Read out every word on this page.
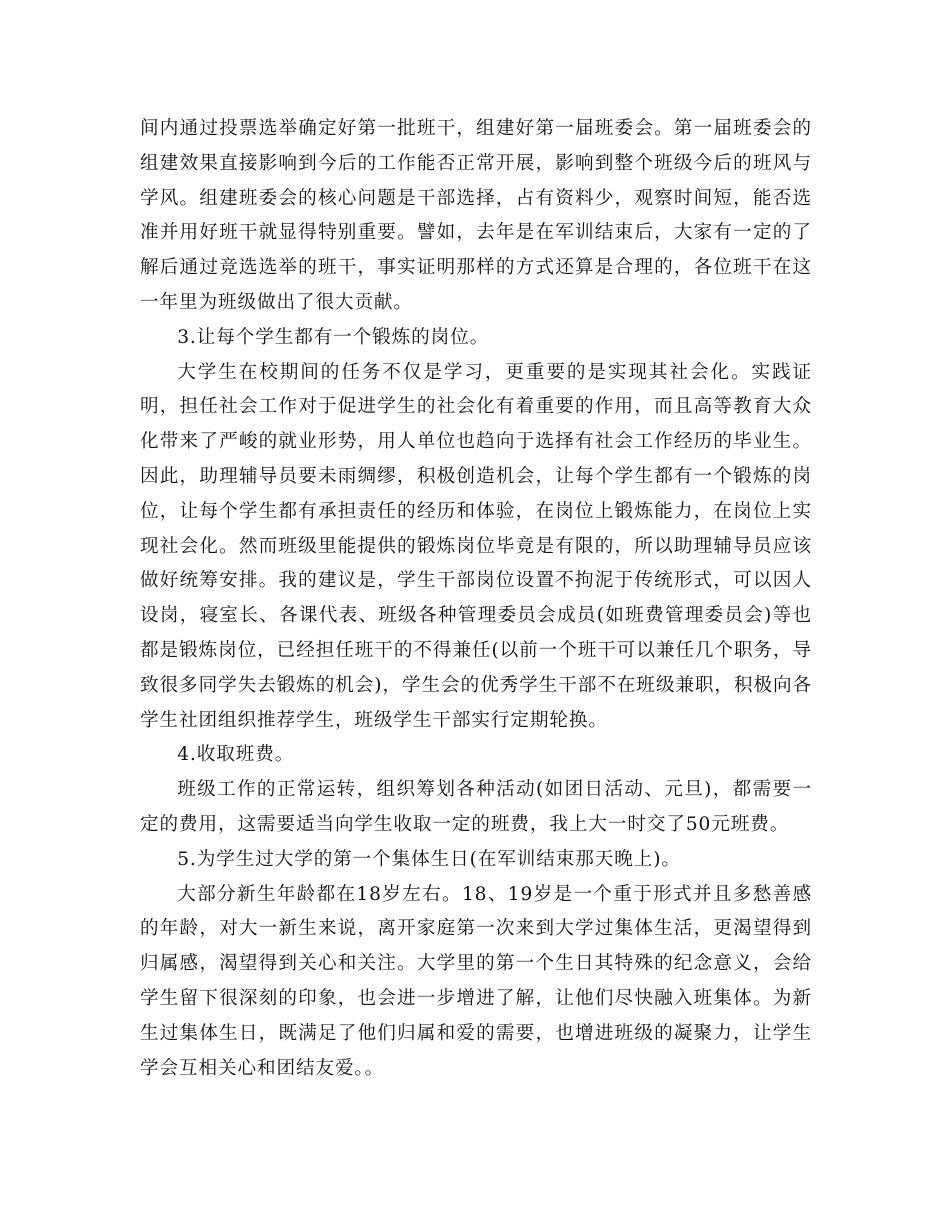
间内通过投票选举确定好第一批班干，组建好第一届班委会。第一届班委会的组建效果直接影响到今后的工作能否正常开展，影响到整个班级今后的班风与学风。组建班委会的核心问题是干部选择，占有资料少，观察时间短，能否选准并用好班干就显得特别重要。譬如，去年是在军训结束后，大家有一定的了解后通过竞选选举的班干，事实证明那样的方式还算是合理的，各位班干在这一年里为班级做出了很大贡献。

3.让每个学生都有一个锻炼的岗位。

大学生在校期间的任务不仅是学习，更重要的是实现其社会化。实践证明，担任社会工作对于促进学生的社会化有着重要的作用，而且高等教育大众化带来了严峻的就业形势，用人单位也趋向于选择有社会工作经历的毕业生。因此，助理辅导员要未雨绸缪，积极创造机会，让每个学生都有一个锻炼的岗位，让每个学生都有承担责任的经历和体验，在岗位上锻炼能力，在岗位上实现社会化。然而班级里能提供的锻炼岗位毕竟是有限的，所以助理辅导员应该做好统筹安排。我的建议是，学生干部岗位设置不拘泥于传统形式，可以因人设岗，寝室长、各课代表、班级各种管理委员会成员(如班费管理委员会)等也都是锻炼岗位，已经担任班干的不得兼任(以前一个班干可以兼任几个职务，导致很多同学失去锻炼的机会)，学生会的优秀学生干部不在班级兼职，积极向各学生社团组织推荐学生，班级学生干部实行定期轮换。

4.收取班费。

班级工作的正常运转，组织筹划各种活动(如团日活动、元旦)，都需要一定的费用，这需要适当向学生收取一定的班费，我上大一时交了50元班费。

5.为学生过大学的第一个集体生日(在军训结束那天晚上)。

大部分新生年龄都在18岁左右。18、19岁是一个重于形式并且多愁善感的年龄，对大一新生来说，离开家庭第一次来到大学过集体生活，更渴望得到归属感，渴望得到关心和关注。大学里的第一个生日其特殊的纪念意义，会给学生留下很深刻的印象，也会进一步增进了解，让他们尽快融入班集体。为新生过集体生日，既满足了他们归属和爱的需要，也增进班级的凝聚力，让学生学会互相关心和团结友爱。。
